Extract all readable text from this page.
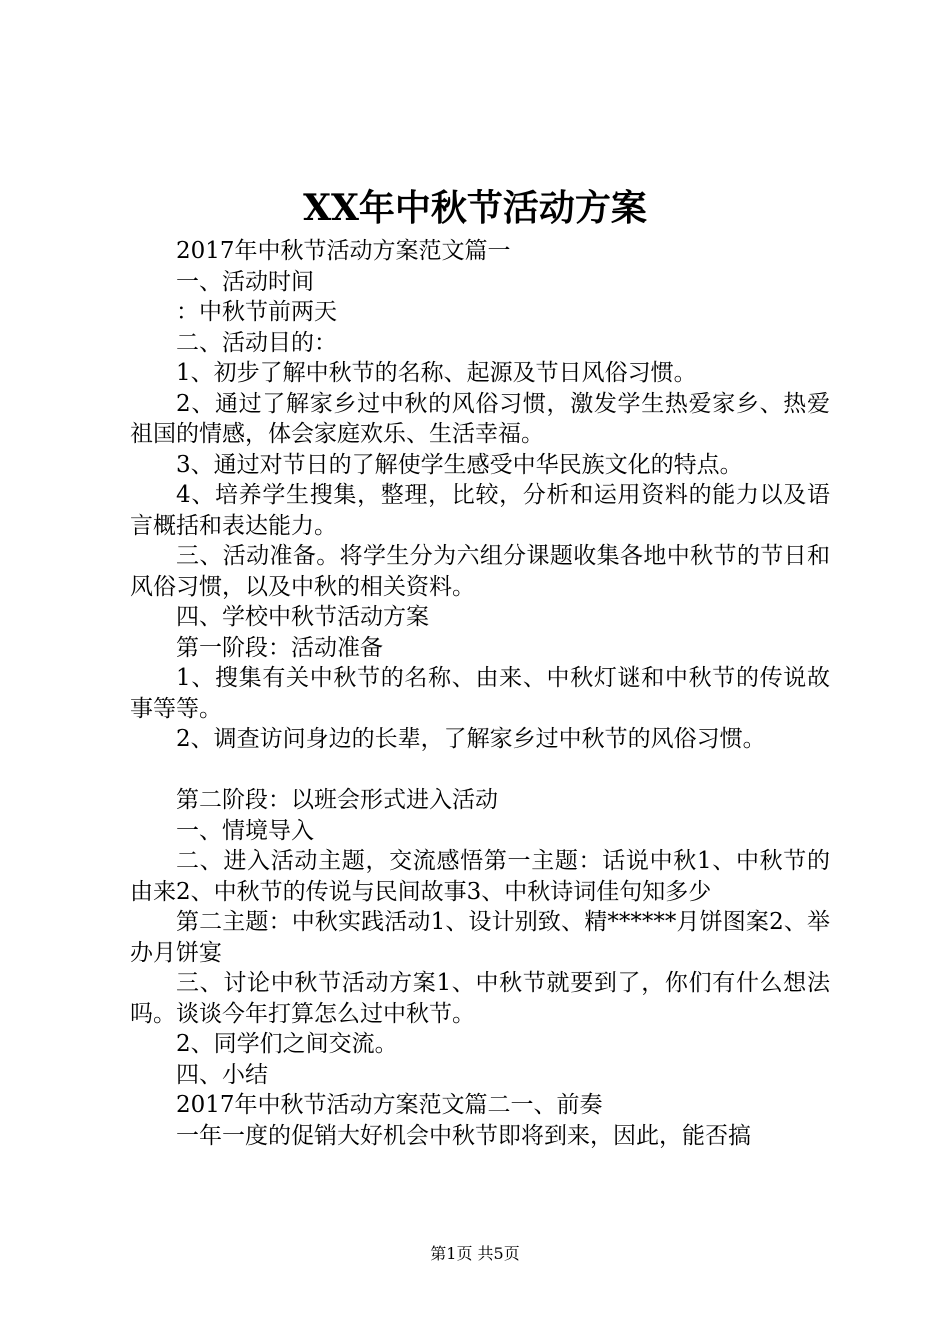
XX年中秋节活动方案

2017年中秋节活动方案范文篇一

一、活动时间

：中秋节前两天

二、活动目的：

1、初步了解中秋节的名称、起源及节日风俗习惯。

2、通过了解家乡过中秋的风俗习惯，激发学生热爱家乡、热爱祖国的情感，体会家庭欢乐、生活幸福。

3、通过对节日的了解使学生感受中华民族文化的特点。

4、培养学生搜集，整理，比较，分析和运用资料的能力以及语言概括和表达能力。

三、活动准备。将学生分为六组分课题收集各地中秋节的节日和风俗习惯，以及中秋的相关资料。

四、学校中秋节活动方案

第一阶段：活动准备

1、搜集有关中秋节的名称、由来、中秋灯谜和中秋节的传说故事等等。

2、调查访问身边的长辈，了解家乡过中秋节的风俗习惯。

第二阶段：以班会形式进入活动

一、情境导入

二、进入活动主题，交流感悟第一主题：话说中秋1、中秋节的由来2、中秋节的传说与民间故事3、中秋诗词佳句知多少

第二主题：中秋实践活动1、设计别致、精******月饼图案2、举办月饼宴

三、讨论中秋节活动方案1、中秋节就要到了，你们有什么想法吗。谈谈今年打算怎么过中秋节。

2、同学们之间交流。

四、小结

2017年中秋节活动方案范文篇二一、前奏

一年一度的促销大好机会中秋节即将到来，因此，能否搞

第1页 共5页
